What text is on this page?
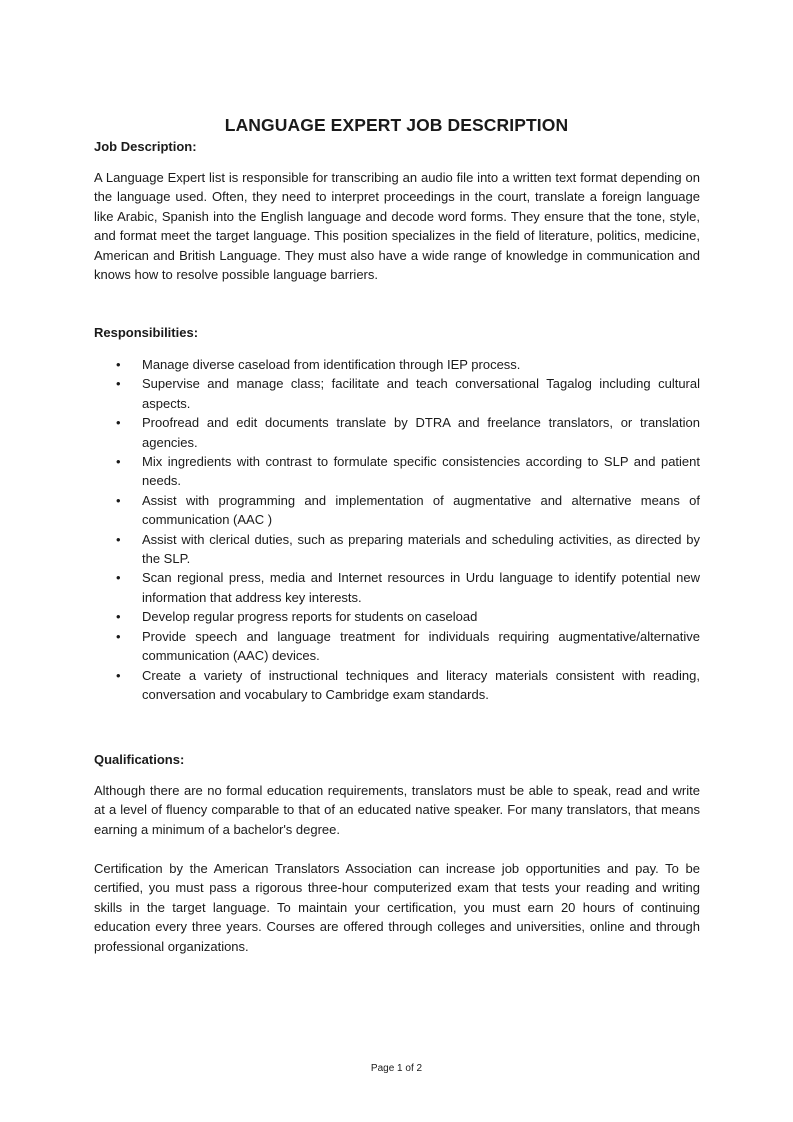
LANGUAGE EXPERT JOB DESCRIPTION
Job Description:

A Language Expert list is responsible for transcribing an audio file into a written text format depending on the language used. Often, they need to interpret proceedings in the court, translate a foreign language like Arabic, Spanish into the English language and decode word forms. They ensure that the tone, style, and format meet the target language. This position specializes in the field of literature, politics, medicine, American and British Language. They must also have a wide range of knowledge in communication and knows how to resolve possible language barriers.

Responsibilities:
• Manage diverse caseload from identification through IEP process.
• Supervise and manage class; facilitate and teach conversational Tagalog including cultural aspects.
• Proofread and edit documents translate by DTRA and freelance translators, or translation agencies.
• Mix ingredients with contrast to formulate specific consistencies according to SLP and patient needs.
• Assist with programming and implementation of augmentative and alternative means of communication (AAC )
• Assist with clerical duties, such as preparing materials and scheduling activities, as directed by the SLP.
• Scan regional press, media and Internet resources in Urdu language to identify potential new information that address key interests.
• Develop regular progress reports for students on caseload
• Provide speech and language treatment for individuals requiring augmentative/alternative communication (AAC) devices.
• Create a variety of instructional techniques and literacy materials consistent with reading, conversation and vocabulary to Cambridge exam standards.
Qualifications:

Although there are no formal education requirements, translators must be able to speak, read and write at a level of fluency comparable to that of an educated native speaker. For many translators, that means earning a minimum of a bachelor's degree.

Certification by the American Translators Association can increase job opportunities and pay. To be certified, you must pass a rigorous three-hour computerized exam that tests your reading and writing skills in the target language. To maintain your certification, you must earn 20 hours of continuing education every three years. Courses are offered through colleges and universities, online and through professional organizations.

Page 1 of 2
